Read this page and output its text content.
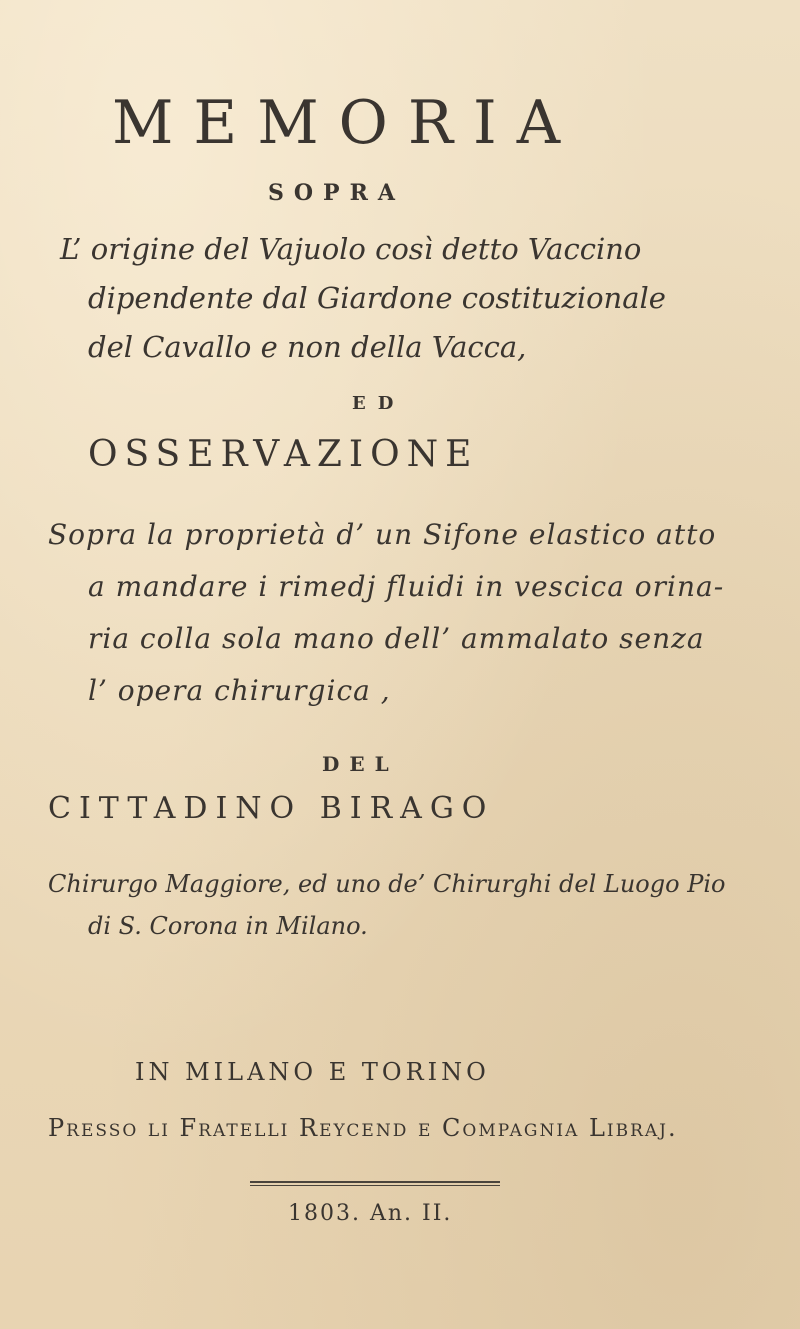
MEMORIA
SOPRA
L’ origine del Vajuolo così detto Vaccino
dipendente dal Giardone costituzionale
del Cavallo e non della Vacca,
ED
OSSERVAZIONE
Sopra la proprietà d’ un Sifone elastico atto
a mandare i rimedj fluidi in vescica orina-
ria colla sola mano dell’ ammalato senza
l’ opera chirurgica ,
DEL
CITTADINO BIRAGO
Chirurgo Maggiore, ed uno de’ Chirurghi del Luogo Pio
di S. Corona in Milano.
IN MILANO E TORINO
Presso li Fratelli Reycend e Compagnia Libraj.
1803. An. II.
